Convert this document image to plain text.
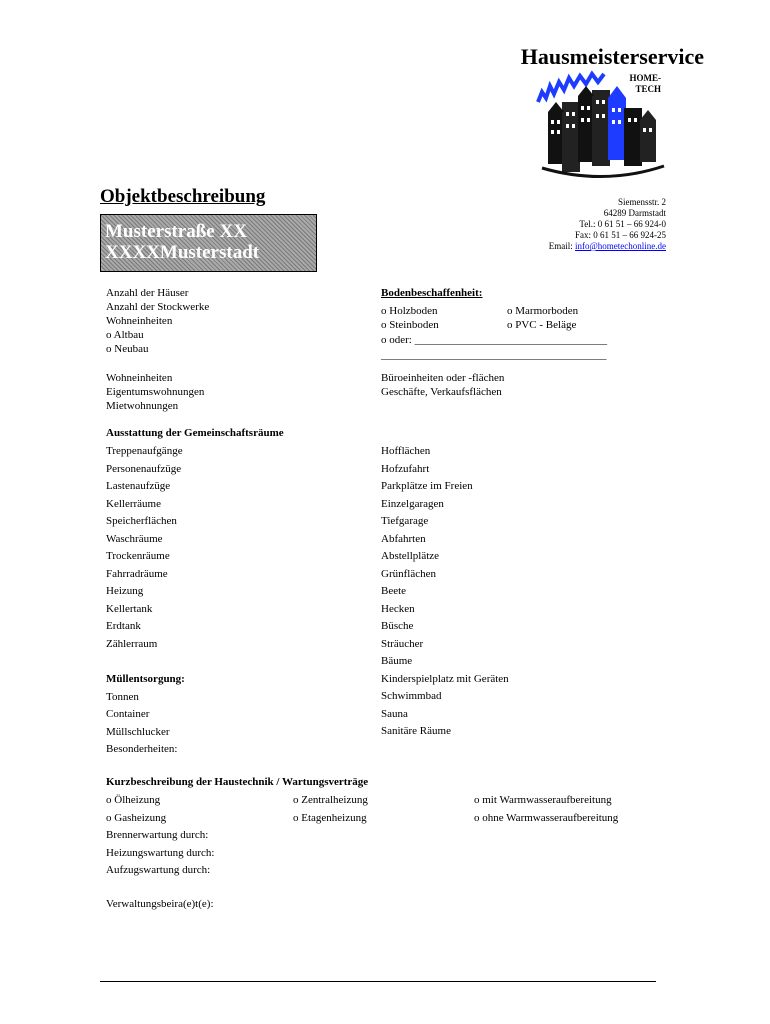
Hausmeisterservice
HOME-
TECH
Objektbeschreibung
Musterstraße XX
XXXXMusterstadt
Siemensstr. 2
64289 Darmstadt
Tel.: 0 61 51 – 66 924-0
Fax: 0 61 51 – 66 924-25
Email: info@hometechonline.de
Anzahl der Häuser
Anzahl der Stockwerke
Wohneinheiten
o Altbau
o Neubau
Bodenbeschaffenheit:
o Holzboden
o Steinboden
o Marmorboden
o PVC - Beläge
o oder: ___________________________________
_________________________________________
Wohneinheiten
Eigentumswohnungen
Mietwohnungen
Büroeinheiten oder -flächen
Geschäfte, Verkaufsflächen
Ausstattung der Gemeinschaftsräume
Treppenaufgänge
Personenaufzüge
Lastenaufzüge
Kellerräume
Speicherflächen
Waschräume
Trockenräume
Fahrradräume
Heizung
Kellertank
Erdtank
Zählerraum
Hofflächen
Hofzufahrt
Parkplätze im Freien
Einzelgaragen
Tiefgarage
Abfahrten
Abstellplätze
Grünflächen
Beete
Hecken
Büsche
Sträucher
Bäume
Kinderspielplatz mit Geräten
Schwimmbad
Sauna
Sanitäre Räume
Müllentsorgung:
Tonnen
Container
Müllschlucker
Besonderheiten:
Kurzbeschreibung der Haustechnik / Wartungsverträge
o Ölheizung
o Gasheizung
Brennerwartung durch:
Heizungswartung durch:
Aufzugswartung durch:
o Zentralheizung
o Etagenheizung
o mit Warmwasseraufbereitung
o ohne Warmwasseraufbereitung
Verwaltungsbeira(e)t(e):
